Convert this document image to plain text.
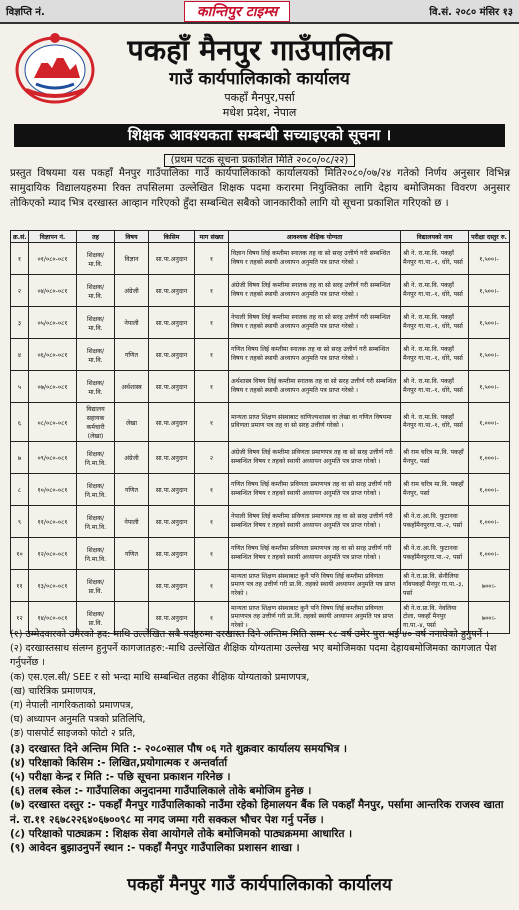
विज्ञप्ति नं.	कान्तिपुर टाइम्स	वि.सं. २०८० मंसिर १३
पकहाँ मैनपुर गाउँपालिका
गाउँ कार्यपालिकाको कार्यालय
पकहाँ मैनपुर,पर्सा
मधेश प्रदेश, नेपाल
शिक्षक आवश्यकता सम्बन्धी सच्याइएको सूचना ।
(प्रथम पटक सूचना प्रकाशित मिति २०८०/०८/२२)
प्रस्तुत विषयमा यस पकहाँ मैनपुर गाउँपालिका गाउँ कार्यपालिकाको कार्यालयको मिति२०८०/०७/२४ गतेको निर्णय अनुसार विभिन्न सामुदायिक विद्यालयहरुमा रिक्त तपसिलमा उल्लेखित शिक्षक पदमा करारमा नियुक्तिका लागि देहाय बमोजिमका विवरण अनुसार तोकिएको म्याद भित्र दरखास्त आव्हान गरिएको हुँदा सम्बन्धित सबैको जानकारीको लागि यो सूचना प्रकाशित गरिएको छ ।
क्र.सं.	विज्ञापन नं.	तह	विषय	किसिम	माग संख्या	आवश्यक शैक्षिक योग्यता	विद्यालयको नाम	परीक्षा दस्तुर रु.
१	०१/०८०-०८१	शिक्षक/ मा.वि.	विज्ञान	सा.पा.अनुदान	१	विज्ञान विषय लिई कम्तीमा स्नातक तह वा सो सरह उत्तीर्ण गरी सम्बन्धित विषय र तहको स्थायी अध्यापन अनुमति पत्र प्राप्त गरेको ।	श्री ने. रा.मा.वि. पकहाँ मैनपुर गा.पा.-१, धोरे, पर्सा	१,५००।-
२	०४/०८०-०८१	शिक्षक/ मा.वि.	अंग्रेजी	सा.पा.अनुदान	१	अंग्रेजी विषय लिई कम्तीमा स्नातक तह वा सो सरह उत्तीर्ण गरी सम्बन्धित विषय र तहको स्थायी अध्यापन अनुमति पत्र प्राप्त गरेको ।	श्री ने. रा.मा.वि. पकहाँ मैनपुर गा.पा.-१, धोरे, पर्सा	१,५००।-
३	०५/०८०-०८१	शिक्षक/ मा.वि.	नेपाली	सा.पा.अनुदान	१	नेपाली विषय लिई कम्तीमा स्नातक तह वा सो सरह उत्तीर्ण गरी सम्बन्धित विषय र तहको स्थायी अध्यापन अनुमति पत्र प्राप्त गरेको ।	श्री ने. रा.मा.वि. पकहाँ मैनपुर गा.पा.-१, धोरे, पर्सा	१,५००।-
४	०६/०८०-०८१	शिक्षक/ मा.वि.	गणित	सा.पा.अनुदान	१	गणित विषय लिई कम्तीमा स्नातक तह वा सो सरह उत्तीर्ण गरी सम्बन्धित विषय र तहको स्थायी अध्यापन अनुमति पत्र प्राप्त गरेको ।	श्री ने. रा.मा.वि. पकहाँ मैनपुर गा.पा.-१, धोरे, पर्सा	१,५००।-
५	०७/०८०-०८१	शिक्षक/ मा.वि.	अर्थशास्त्र	सा.पा.अनुदान	१	अर्थशास्त्र विषय लिई कम्तीमा स्नातक तह वा सो सरह उत्तीर्ण गरी सम्बन्धित विषय र तहको स्थायी अध्यापन अनुमति पत्र प्राप्त गरेको ।	श्री ने. रा.मा.वि. पकहाँ मैनपुर गा.पा.-१, धोरे, पर्सा	१,५००।-
६	०८/०८०-०८१	विद्यालय सहायक कर्मचारी (लेखा)	लेखा	सा.पा.अनुदान	१	मान्यता प्राप्त शिक्षण संस्थाबाट वाणिज्यशास्त्र वा लेखा वा गणित विषयमा प्रविणता प्रमाण पत्र तह वा सो सरह उत्तीर्ण गरेको ।	श्री ने. रा.मा.वि. पकहाँ मैनपुर गा.पा.-१, धोरे, पर्सा	१,०००।-
७	०९/०८०-०८१	शिक्षक/ नि.मा.वि.	अंग्रेजी	सा.पा.अनुदान	२	अंग्रेजी विषय लिई कम्तीमा प्रविणता प्रमाणपत्र तह वा सो सरह उत्तीर्ण गरी सम्बन्धित विषय र तहको स्थायी अध्यापन अनुमति पत्र प्राप्त गरेको ।	श्री राम चरित्र मा.वि. पकहाँ मैनपुर, पर्सा	१,०००।-
८	१०/०८०-०८१	शिक्षक/ नि.मा.वि.	गणित	सा.पा.अनुदान	१	गणित विषय लिई कम्तीमा प्रविणता प्रमाणपत्र तह वा सो सरह उत्तीर्ण गरी सम्बन्धित विषय र तहको स्थायी अध्यापन अनुमति पत्र प्राप्त गरेको ।	श्री राम चरित्र मा.वि. पकहाँ मैनपुर, पर्सा	१,०००।-
९	११/०८०-०८१	शिक्षक/ नि.मा.वि.	नेपाली	सा.पा.अनुदान	१	नेपाली विषय लिई कम्तीमा प्रविणता प्रमाणपत्र तह वा सो सरह उत्तीर्ण गरी सम्बन्धित विषय र तहको स्थायी अध्यापन अनुमति पत्र प्राप्त गरेको ।	श्री ने.रा.आ.वि. फुटानवा पकहाँमैनपुरगा.पा.-२, पर्सा	१,०००।-
१०	१२/०८०-०८१	शिक्षक/ नि.मा.वि.	गणित	सा.पा.अनुदान	१	गणित विषय लिई कम्तीमा प्रविणता प्रमाणपत्र तह वा सो सरह उत्तीर्ण गरी सम्बन्धित विषय र तहको स्थायी अध्यापन अनुमति पत्र प्राप्त गरेको ।	श्री ने.रा.आ.वि. फुटानवा पकहाँमैनपुरगा.पा.-२, पर्सा	१,०००।-
११	१३/०८०-०८१	शिक्षक/ प्रा.वि.		सा.पा.अनुदान	१	मान्यता प्राप्त शिक्षण संस्थाबाट कुनै पनि विषय लिई कम्तीमा प्रविणता प्रमाण पत्र तह उत्तीर्ण गरी प्रा.वि. तहको स्थायी अध्यापन अनुमति पत्र प्राप्त गरेको ।	श्री ने.रा.प्रा.वि. सेनौलिया गाँवपकहाँ मैनपुर गा.पा.-३, पर्सा	७००।-
१२	१४/०८०-०८१	शिक्षक/ प्रा.वि.		सा.पा.अनुदान	१	मान्यता प्राप्त शिक्षण संस्थाबाट कुनै पनि विषय लिई कम्तीमा प्रविणता प्रमाणपत्र तह उत्तीर्ण गरी प्रा.वि. तहको स्थायी अध्यापन अनुमति पत्र प्राप्त गरेको ।	श्री ने.रा.प्रा.वि. नेवलिया टोला, पकहाँ मैनपुर गा.पा.-४, पर्सा	७००।-
(१) उम्मेदवारको उमेरको हद: माथि उल्लेखित सबै पदहरुमा दरखास्त दिने अन्तिम मिति सम्म १८ वर्ष उमेर पुरा भई ४० वर्ष ननाघेको हुनुपर्ने ।
(२) दरखास्तसाथ संलग्न हुनुपर्ने कागजातहरु:-माथि उल्लेखित शैक्षिक योग्यतामा उल्लेख भए बमोजिमका पदमा देहायबमोजिमका कागजात पेश गर्नुपर्नेछ ।
(क) एस.एल.सी/ SEE र सो भन्दा माथि सम्बन्धित तहका शैक्षिक योग्यताको प्रमाणपत्र,
(ख) चारित्रिक प्रमाणपत्र,
(ग) नेपाली नागरिकताको प्रमाणपत्र,
(घ) अध्यापन अनुमति पत्रको प्रतिलिपि,
(ङ) पासपोर्ट साइजको फोटो २ प्रति,
(३) दरखास्त दिने अन्तिम मिति :- २०८०साल पौष ०६ गते शुक्रवार कार्यालय समयभित्र ।
(४) परिक्षाको किसिम :- लिखित,प्रयोगात्मक र अन्तर्वार्ता
(५) परीक्षा केन्द्र र मिति :- पछि सूचना प्रकाशन गरिनेछ ।
(६) तलब स्केल :- गाउँपालिका अनुदानमा गाउँपालिकाले तोके बमोजिम हुनेछ ।
(७) दरखास्त दस्तुर :- पकहाँ मैनपुर गाउँपालिकाको नाउँमा रहेको हिमालयन बैंक लि पकहाँ मैनपुर, पर्सामा आन्तरिक राजस्व खाता नं. रा.११ २६७८२२६४०६७००९८ मा नगद जम्मा गरी सक्कल भौचर पेश गर्नु पर्नेछ ।
(८) परिक्षाको पाठ्यक्रम : शिक्षक सेवा आयोगले तोके बमोजिमको पाठ्यक्रममा आधारित ।
(९) आवेदन बुझाउनुपर्ने स्थान :- पकहाँ मैनपुर गाउँपालिका प्रशासन शाखा ।
पकहाँ मैनपुर गाउँ कार्यपालिकाको कार्यालय
